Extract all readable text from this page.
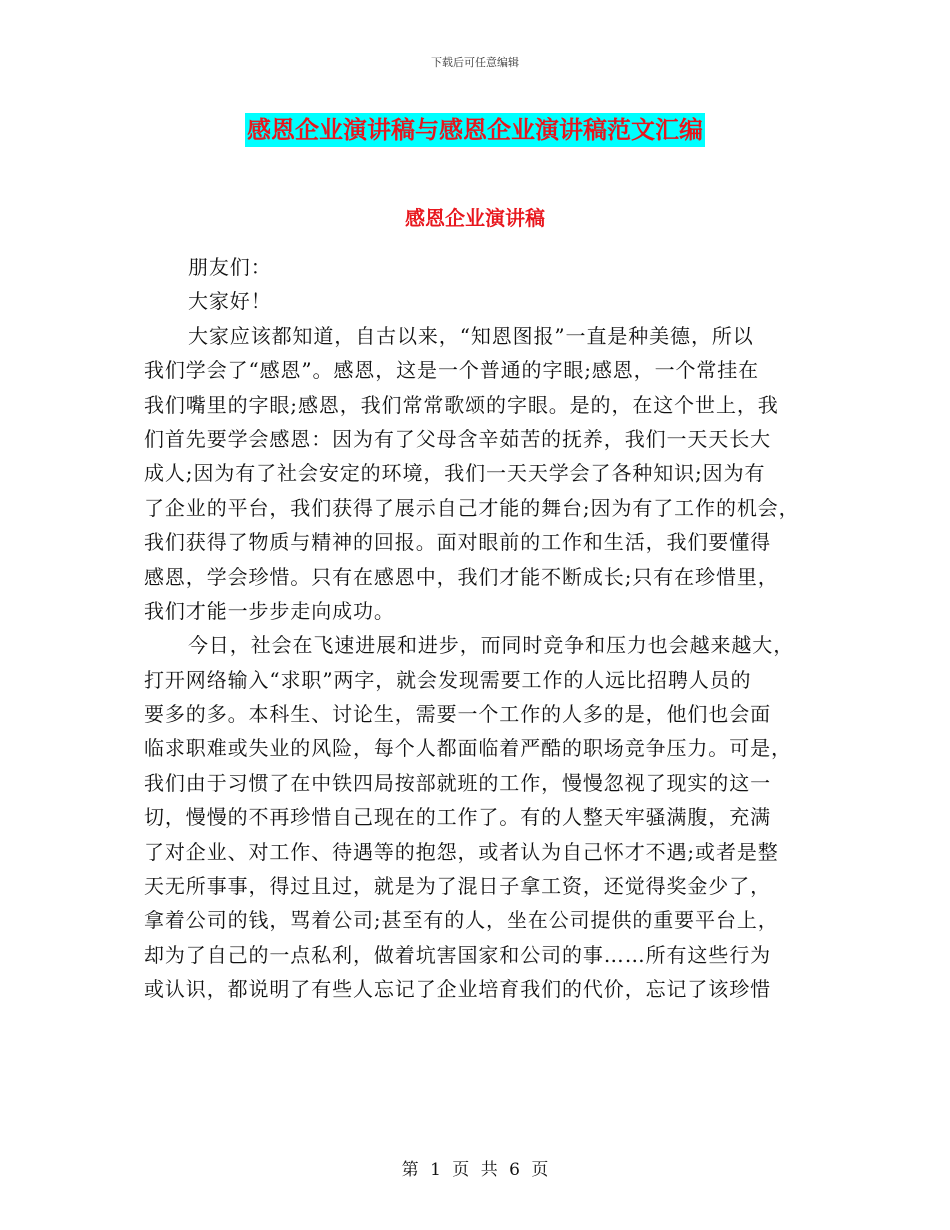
下载后可任意编辑
感恩企业演讲稿与感恩企业演讲稿范文汇编
感恩企业演讲稿
朋友们：
大家好！
大家应该都知道，自古以来，“知恩图报”一直是种美德，所以
我们学会了“感恩”。感恩，这是一个普通的字眼;感恩，一个常挂在
我们嘴里的字眼;感恩，我们常常歌颂的字眼。是的，在这个世上，我
们首先要学会感恩：因为有了父母含辛茹苦的抚养，我们一天天长大
成人;因为有了社会安定的环境，我们一天天学会了各种知识;因为有
了企业的平台，我们获得了展示自己才能的舞台;因为有了工作的机会，
我们获得了物质与精神的回报。面对眼前的工作和生活，我们要懂得
感恩，学会珍惜。只有在感恩中，我们才能不断成长;只有在珍惜里，
我们才能一步步走向成功。
今日，社会在飞速进展和进步，而同时竞争和压力也会越来越大，
打开网络输入“求职”两字，就会发现需要工作的人远比招聘人员的
要多的多。本科生、讨论生，需要一个工作的人多的是，他们也会面
临求职难或失业的风险，每个人都面临着严酷的职场竞争压力。可是，
我们由于习惯了在中铁四局按部就班的工作，慢慢忽视了现实的这一
切，慢慢的不再珍惜自己现在的工作了。有的人整天牢骚满腹，充满
了对企业、对工作、待遇等的抱怨，或者认为自己怀才不遇;或者是整
天无所事事，得过且过，就是为了混日子拿工资，还觉得奖金少了，
拿着公司的钱，骂着公司;甚至有的人，坐在公司提供的重要平台上，
却为了自己的一点私利，做着坑害国家和公司的事……所有这些行为
或认识，都说明了有些人忘记了企业培育我们的代价，忘记了该珍惜
第 1 页 共 6 页
